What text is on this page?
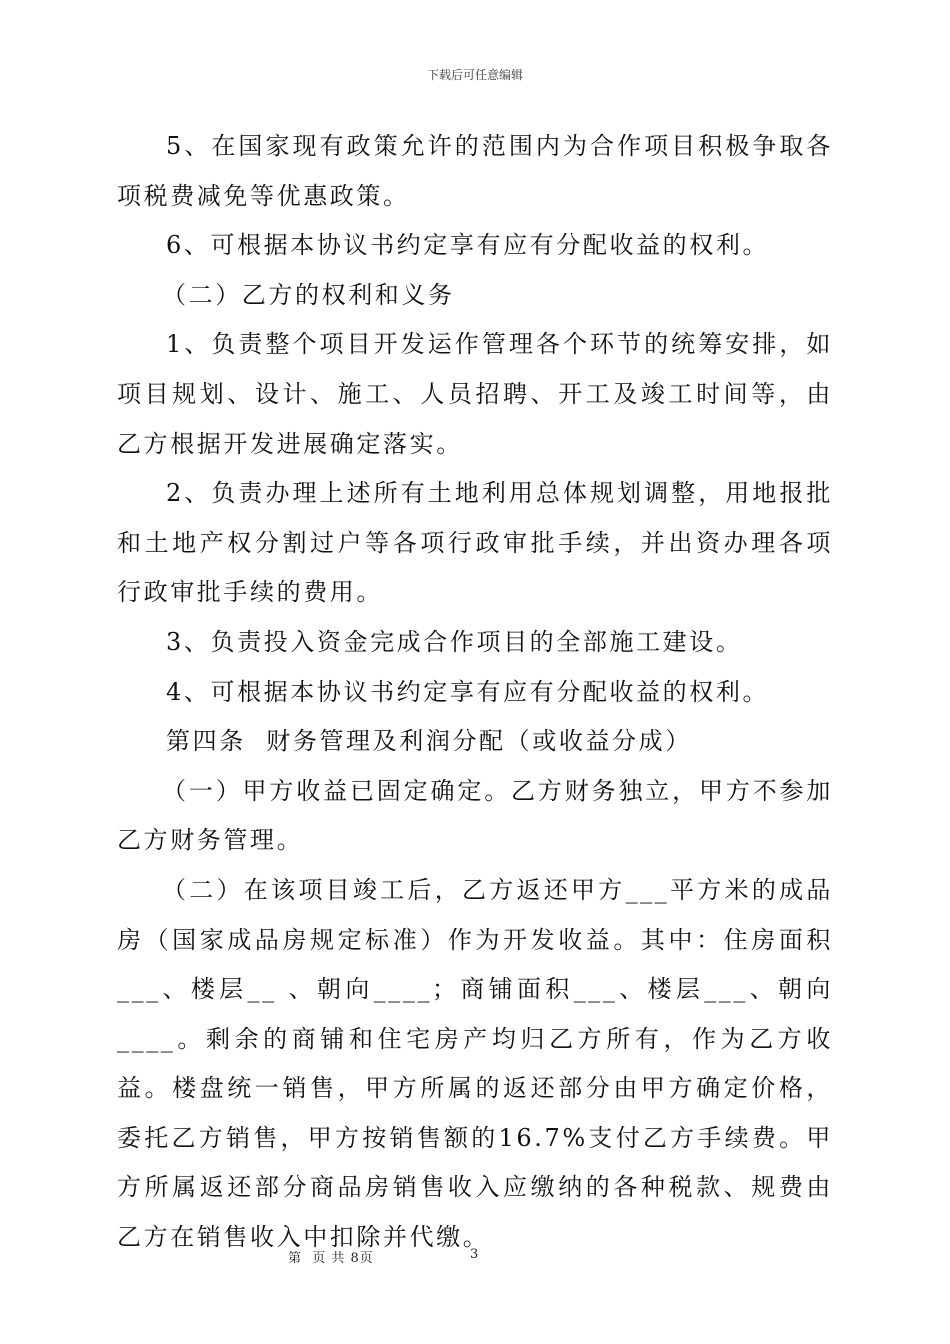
下载后可任意编辑

5、在国家现有政策允许的范围内为合作项目积极争取各项税费减免等优惠政策。

6、可根据本协议书约定享有应有分配收益的权利。

（二）乙方的权利和义务

1、负责整个项目开发运作管理各个环节的统筹安排，如项目规划、设计、施工、人员招聘、开工及竣工时间等，由乙方根据开发进展确定落实。

2、负责办理上述所有土地利用总体规划调整，用地报批和土地产权分割过户等各项行政审批手续，并出资办理各项行政审批手续的费用。

3、负责投入资金完成合作项目的全部施工建设。

4、可根据本协议书约定享有应有分配收益的权利。

第四条  财务管理及利润分配（或收益分成）

（一）甲方收益已固定确定。乙方财务独立，甲方不参加乙方财务管理。

（二）在该项目竣工后，乙方返还甲方___平方米的成品房（国家成品房规定标准）作为开发收益。其中：住房面积___、楼层__ 、朝向____；商铺面积___、楼层___、朝向____。剩余的商铺和住宅房产均归乙方所有，作为乙方收益。楼盘统一销售，甲方所属的返还部分由甲方确定价格，委托乙方销售，甲方按销售额的16.7%支付乙方手续费。甲方所属返还部分商品房销售收入应缴纳的各种税款、规费由乙方在销售收入中扣除并代缴。

第  页 共 8页	3
